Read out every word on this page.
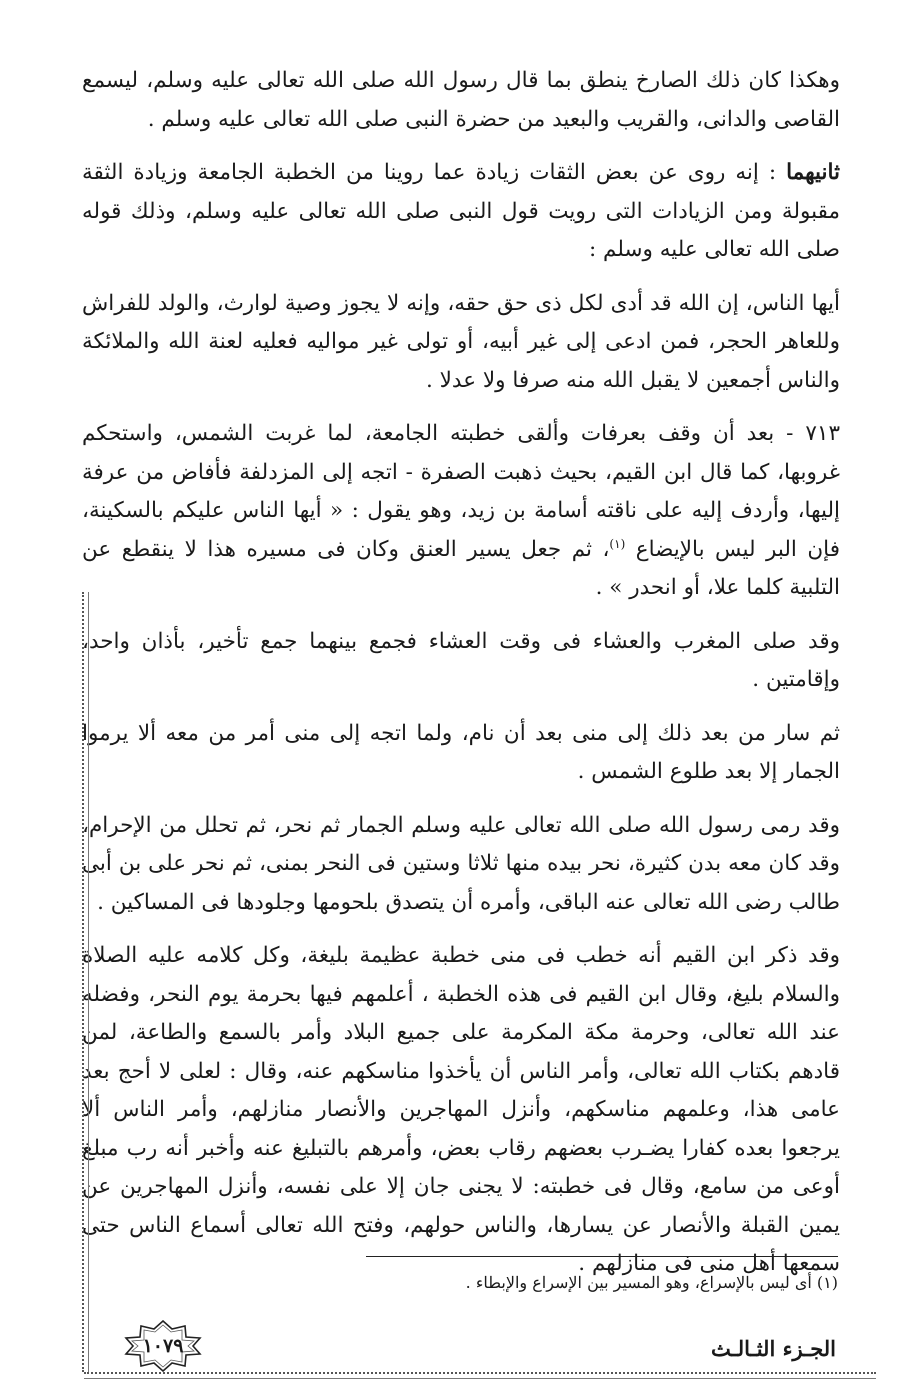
وهكذا كان ذلك الصارخ ينطق بما قال رسول الله صلى الله تعالى عليه وسلم، ليسمع القاصى والدانى، والقريب والبعيد من حضرة النبى صلى الله تعالى عليه وسلم .

ثانيهما : إنه روى عن بعض الثقات زيادة عما روينا من الخطبة الجامعة وزيادة الثقة مقبولة ومن الزيادات التى رويت قول النبى صلى الله تعالى عليه وسلم، وذلك قوله صلى الله تعالى عليه وسلم :

أيها الناس، إن الله قد أدى لكل ذى حق حقه، وإنه لا يجوز وصية لوارث، والولد للفراش وللعاهر الحجر، فمن ادعى إلى غير أبيه، أو تولى غير مواليه فعليه لعنة الله والملائكة والناس أجمعين لا يقبل الله منه صرفا ولا عدلا .

٧١٣ - بعد أن وقف بعرفات وألقى خطبته الجامعة، لما غربت الشمس، واستحكم غروبها، كما قال ابن القيم، بحيث ذهبت الصفرة - اتجه إلى المزدلفة فأفاض من عرفة إليها، وأردف إليه على ناقته أسامة بن زيد، وهو يقول : « أيها الناس عليكم بالسكينة، فإن البر ليس بالإيضاع $^{(١)}$، ثم جعل يسير العنق وكان فى مسيره هذا لا ينقطع عن التلبية كلما علا، أو انحدر » .

وقد صلى المغرب والعشاء فى وقت العشاء فجمع بينهما جمع تأخير، بأذان واحد، وإقامتين .

ثم سار من بعد ذلك إلى منى بعد أن نام، ولما اتجه إلى منى أمر من معه ألا يرموا الجمار إلا بعد طلوع الشمس .

وقد رمى رسول الله صلى الله تعالى عليه وسلم الجمار ثم نحر، ثم تحلل من الإحرام، وقد كان معه بدن كثيرة، نحر بيده منها ثلاثا وستين فى النحر بمنى، ثم نحر على بن أبى طالب رضى الله تعالى عنه الباقى، وأمره أن يتصدق بلحومها وجلودها فى المساكين .

وقد ذكر ابن القيم أنه خطب فى منى خطبة عظيمة بليغة، وكل كلامه عليه الصلاة والسلام بليغ، وقال ابن القيم فى هذه الخطبة ، أعلمهم فيها بحرمة يوم النحر، وفضله عند الله تعالى، وحرمة مكة المكرمة على جميع البلاد وأمر بالسمع والطاعة، لمن قادهم بكتاب الله تعالى، وأمر الناس أن يأخذوا مناسكهم عنه، وقال : لعلى لا أحج بعد عامى هذا، وعلمهم مناسكهم، وأنزل المهاجرين والأنصار منازلهم، وأمر الناس ألا يرجعوا بعده كفارا يضـرب بعضهم رقاب بعض، وأمرهم بالتبليغ عنه وأخبر أنه رب مبلغ أوعى من سامع، وقال فى خطبته: لا يجنى جان إلا على نفسه، وأنزل المهاجرين عن يمين القبلة والأنصار عن يسارها، والناس حولهم، وفتح الله تعالى أسماع الناس حتى سمعها أهل منى فى منازلهم .

(١) أى ليس بالإسراع، وهو المسير بين الإسراع والإبطاء .
١٠٧٩	الجـزء الثـالـث
